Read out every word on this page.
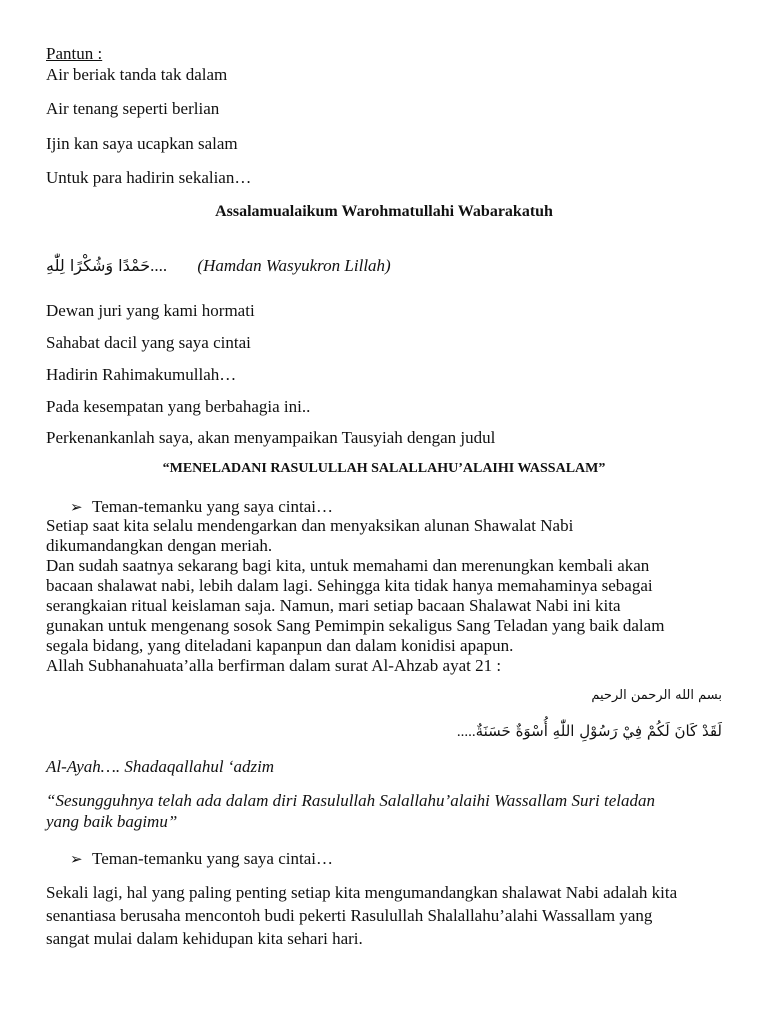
Pantun :
Air beriak tanda tak dalam
Air tenang seperti berlian
Ijin kan saya ucapkan salam
Untuk para hadirin sekalian…
Assalamualaikum Warohmatullahi Wabarakatuh
حَمْدًا وَشُكْرًا لِلّٰهِ.... (Hamdan Wasyukron Lillah)
Dewan juri yang kami hormati
Sahabat dacil yang saya cintai
Hadirin Rahimakumullah…
Pada kesempatan yang berbahagia ini..
Perkenankanlah saya, akan menyampaikan Tausyiah dengan judul
“MENELADANI RASULULLAH SALALLAHU’ALAIHI WASSALAM”
➢ Teman-temanku yang saya cintai…
Setiap saat kita selalu mendengarkan dan menyaksikan alunan Shawalat Nabi
dikumandangkan dengan meriah.
Dan sudah saatnya sekarang bagi kita, untuk memahami dan merenungkan kembali akan
bacaan shalawat nabi, lebih dalam lagi. Sehingga kita tidak hanya memahaminya sebagai
serangkaian ritual keislaman saja. Namun, mari setiap bacaan Shalawat Nabi ini kita
gunakan untuk mengenang sosok Sang Pemimpin sekaligus Sang Teladan yang baik dalam
segala bidang, yang diteladani kapanpun dan dalam konidisi apapun.
Allah Subhanahuata’alla berfirman dalam surat Al-Ahzab ayat 21 :
بسم الله الرحمن الرحيم
لَقَدْ كَانَ لَكُمْ فِيْ رَسُوْلِ اللّٰهِ أُسْوَةٌ حَسَنَةٌ.....
Al-Ayah…. Shadaqallahul ‘adzim
“Sesungguhnya telah ada dalam diri Rasulullah Salallahu’alaihi Wassallam Suri teladan
yang baik bagimu”
➢ Teman-temanku yang saya cintai…
Sekali lagi, hal yang paling penting setiap kita mengumandangkan shalawat Nabi adalah kita
senantiasa berusaha mencontoh budi pekerti Rasulullah Shalallahu’alahi Wassallam yang
sangat mulai dalam kehidupan kita sehari hari.
